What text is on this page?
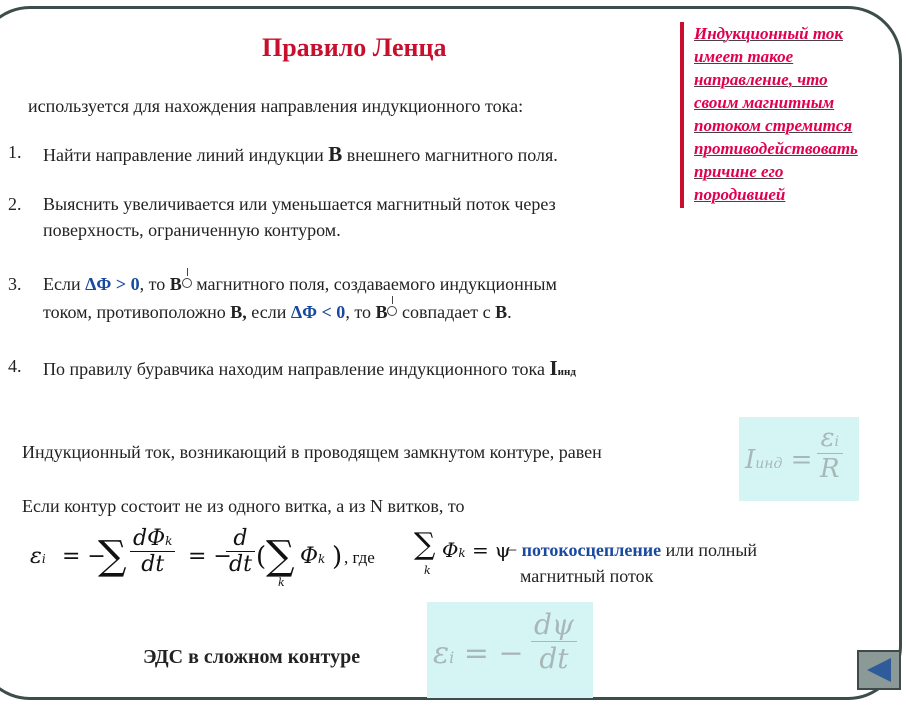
Правило Ленца	Индукционный ток
имеет такое
направление, что
своим магнитным
потоком стремится
противодействовать
причине его
породившей
используется для нахождения направления индукционного тока:
1. Найти направление линий индукции B внешнего магнитного поля.
2. Выяснить увеличивается или уменьшается магнитный поток через
поверхность, ограниченную контуром.
3. Если ΔΦ > 0, то B магнитного поля, создаваемого индукционным
током, противоположно B, если ΔΦ < 0, то B совпадает с B.
4. По правилу буравчика находим направление индукционного тока Iинд
Индукционный ток, возникающий в проводящем замкнутом контуре, равен	Iинд = $\frac{\varepsilon i}{R}$
Если контур состоит не из одного витка, а из N витков, то
εi = −
∑ dΦk
dt	= −
$\frac{d}{dt}$ ( ∑
k
Φk ) , где ∑
k
Φk = ψ
− потокосцепление или полный
магнитный поток
ЭДС в сложном контуре εi = − $\frac{d\psi}{dt}$
